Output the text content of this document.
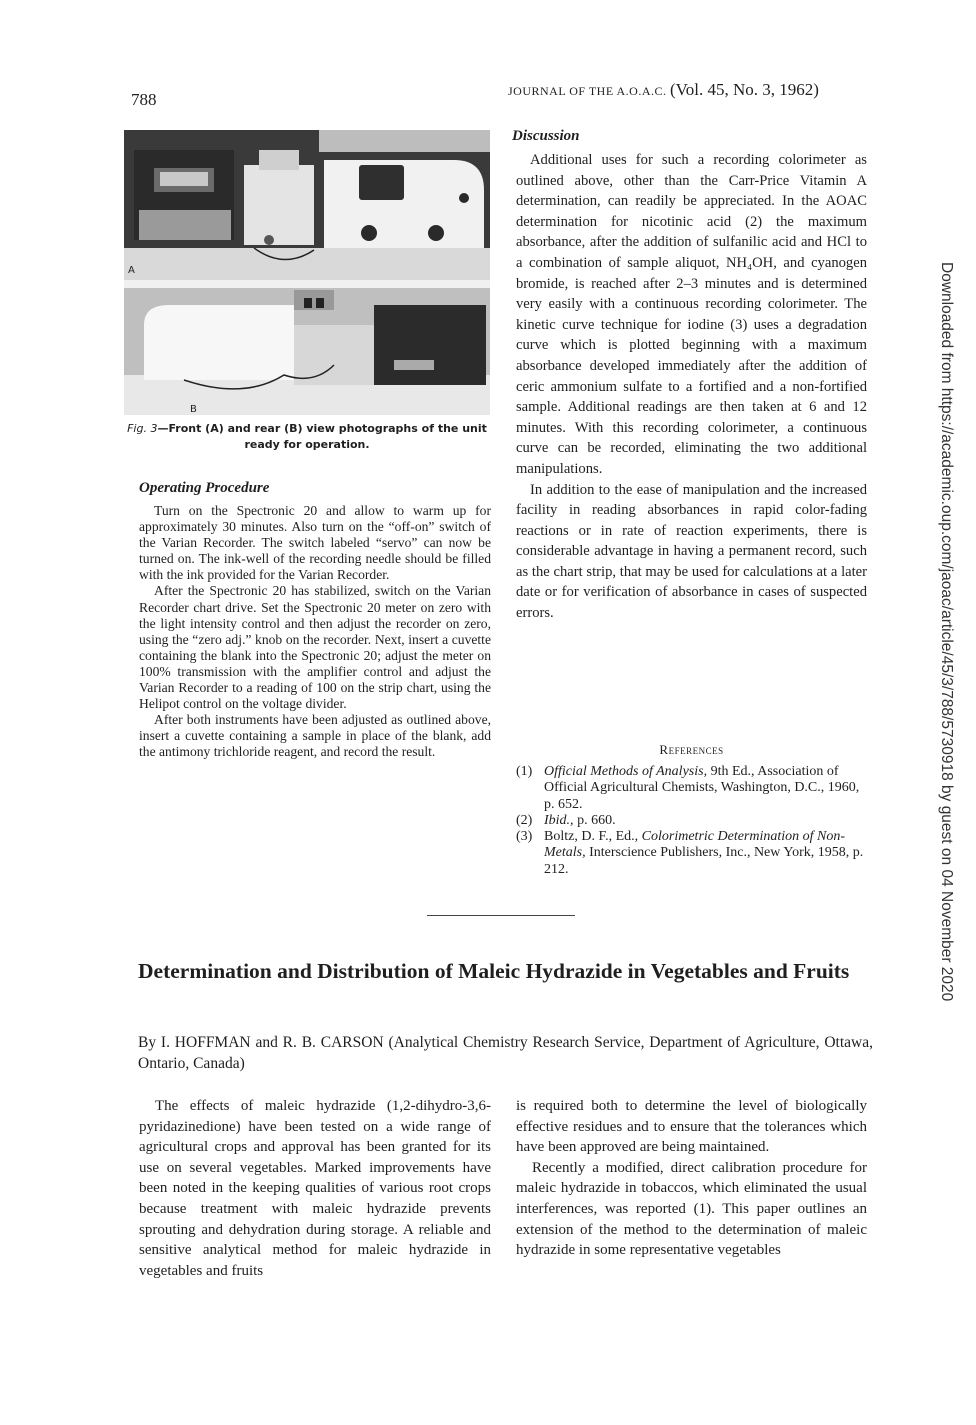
788	JOURNAL OF THE A.O.A.C. (Vol. 45, No. 3, 1962)
A
B
Fig. 3—Front (A) and rear (B) view photographs of the unit ready for operation.
Operating Procedure

Turn on the Spectronic 20 and allow to warm up for approximately 30 minutes. Also turn on the “off-on” switch of the Varian Recorder. The switch labeled “servo” can now be turned on. The ink-well of the recording needle should be filled with the ink provided for the Varian Recorder.

After the Spectronic 20 has stabilized, switch on the Varian Recorder chart drive. Set the Spectronic 20 meter on zero with the light intensity control and then adjust the recorder on zero, using the “zero adj.” knob on the recorder. Next, insert a cuvette containing the blank into the Spectronic 20; adjust the meter on 100% transmission with the amplifier control and adjust the Varian Recorder to a reading of 100 on the strip chart, using the Helipot control on the voltage divider.

After both instruments have been adjusted as outlined above, insert a cuvette containing a sample in place of the blank, add the antimony trichloride reagent, and record the result.

Discussion

Additional uses for such a recording colorimeter as outlined above, other than the Carr-Price Vitamin A determination, can readily be appreciated. In the AOAC determination for nicotinic acid (2) the maximum absorbance, after the addition of sulfanilic acid and HCl to a combination of sample aliquot, NH₄OH, and cyanogen bromide, is reached after 2–3 minutes and is determined very easily with a continuous recording colorimeter. The kinetic curve technique for iodine (3) uses a degradation curve which is plotted beginning with a maximum absorbance developed immediately after the addition of ceric ammonium sulfate to a fortified and a non-fortified sample. Additional readings are then taken at 6 and 12 minutes. With this recording colorimeter, a continuous curve can be recorded, eliminating the two additional manipulations.

In addition to the ease of manipulation and the increased facility in reading absorbances in rapid color-fading reactions or in rate of reaction experiments, there is considerable advantage in having a permanent record, such as the chart strip, that may be used for calculations at a later date or for verification of absorbance in cases of suspected errors.

References
(1) Official Methods of Analysis, 9th Ed., Association of Official Agricultural Chemists, Washington, D.C., 1960, p. 652.
(2) Ibid., p. 660.
(3) Boltz, D. F., Ed., Colorimetric Determination of Non-Metals, Interscience Publishers, Inc., New York, 1958, p. 212.
Determination and Distribution of Maleic Hydrazide in Vegetables and Fruits
By I. HOFFMAN and R. B. CARSON (Analytical Chemistry Research Service, Department of Agriculture, Ottawa, Ontario, Canada)

The effects of maleic hydrazide (1,2-dihydro-3,6-pyridazinedione) have been tested on a wide range of agricultural crops and approval has been granted for its use on several vegetables. Marked improvements have been noted in the keeping qualities of various root crops because treatment with maleic hydrazide prevents sprouting and dehydration during storage. A reliable and sensitive analytical method for maleic hydrazide in vegetables and fruits

is required both to determine the level of biologically effective residues and to ensure that the tolerances which have been approved are being maintained.

Recently a modified, direct calibration procedure for maleic hydrazide in tobaccos, which eliminated the usual interferences, was reported (1). This paper outlines an extension of the method to the determination of maleic hydrazide in some representative vegetables

Downloaded from https://academic.oup.com/jaoac/article/45/3/788/5730918 by guest on 04 November 2020
